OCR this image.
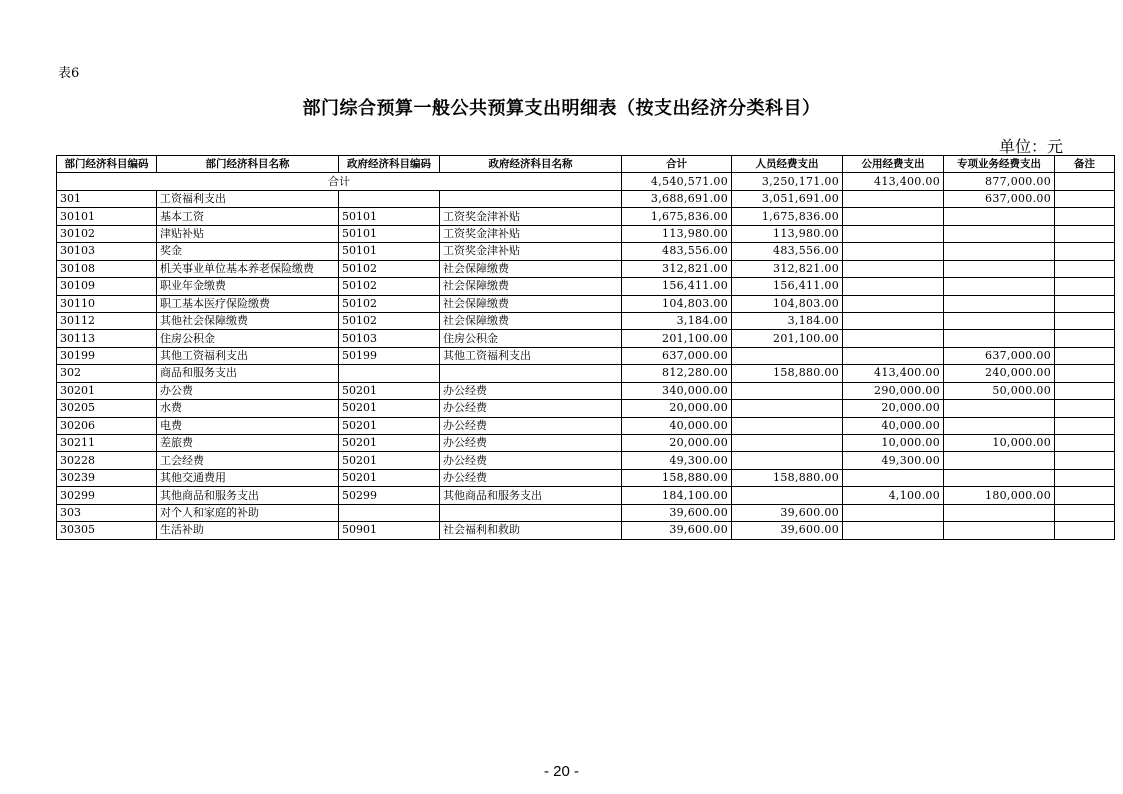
表6
部门综合预算一般公共预算支出明细表（按支出经济分类科目）
单位：元
部门经济科目编码	部门经济科目名称	政府经济科目编码	政府经济科目名称	合计	人员经费支出	公用经费支出	专项业务经费支出	备注
合计				4,540,571.00	3,250,171.00	413,400.00	877,000.00	
301	工资福利支出			3,688,691.00	3,051,691.00		637,000.00	
30101	基本工资	50101	工资奖金津补贴	1,675,836.00	1,675,836.00			
30102	津贴补贴	50101	工资奖金津补贴	113,980.00	113,980.00			
30103	奖金	50101	工资奖金津补贴	483,556.00	483,556.00			
30108	机关事业单位基本养老保险缴费	50102	社会保障缴费	312,821.00	312,821.00			
30109	职业年金缴费	50102	社会保障缴费	156,411.00	156,411.00			
30110	职工基本医疗保险缴费	50102	社会保障缴费	104,803.00	104,803.00			
30112	其他社会保障缴费	50102	社会保障缴费	3,184.00	3,184.00			
30113	住房公积金	50103	住房公积金	201,100.00	201,100.00			
30199	其他工资福利支出	50199	其他工资福利支出	637,000.00			637,000.00	
302	商品和服务支出			812,280.00	158,880.00	413,400.00	240,000.00	
30201	办公费	50201	办公经费	340,000.00		290,000.00	50,000.00	
30205	水费	50201	办公经费	20,000.00		20,000.00		
30206	电费	50201	办公经费	40,000.00		40,000.00		
30211	差旅费	50201	办公经费	20,000.00		10,000.00	10,000.00	
30228	工会经费	50201	办公经费	49,300.00		49,300.00		
30239	其他交通费用	50201	办公经费	158,880.00	158,880.00			
30299	其他商品和服务支出	50299	其他商品和服务支出	184,100.00		4,100.00	180,000.00	
303	对个人和家庭的补助			39,600.00	39,600.00			
30305	生活补助	50901	社会福利和救助	39,600.00	39,600.00			
- 20 -
